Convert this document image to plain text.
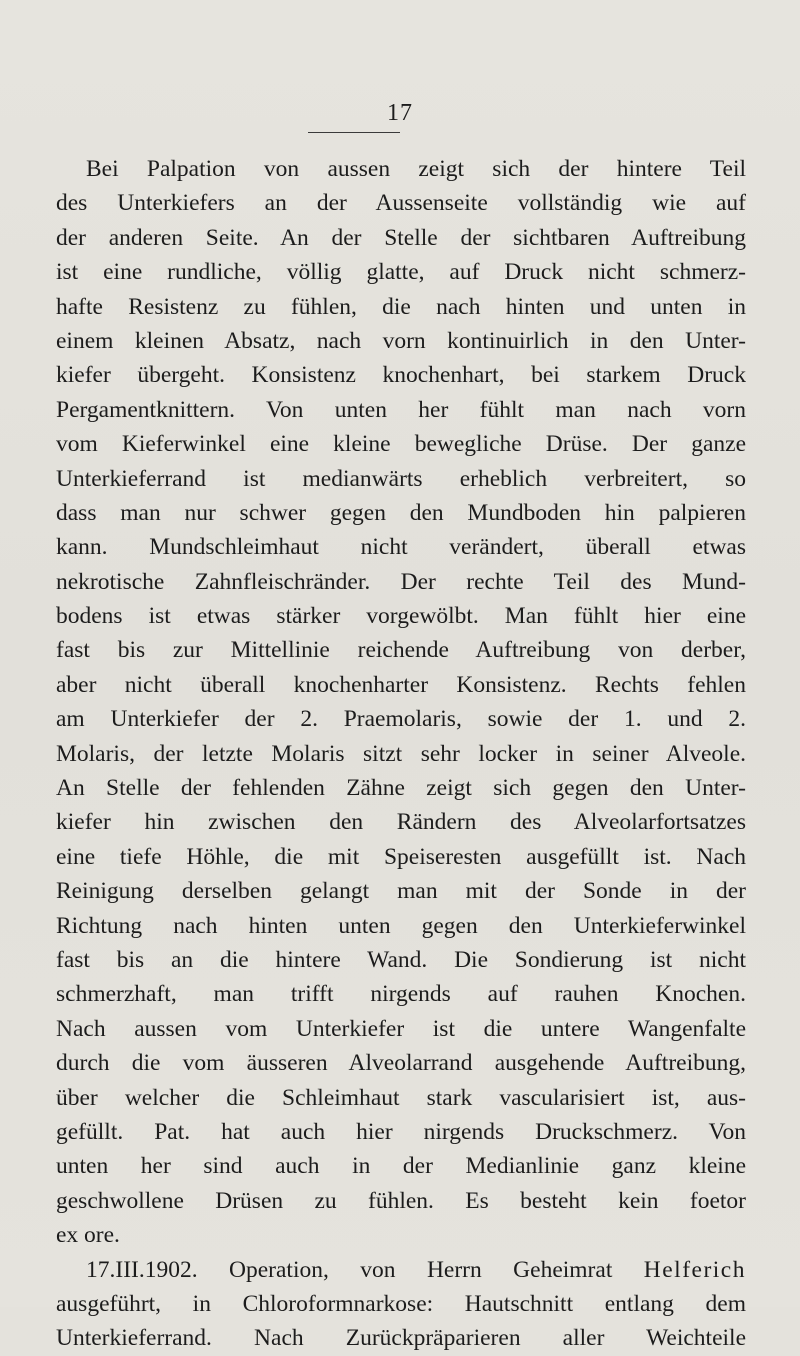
17
Bei Palpation von aussen zeigt sich der hintere Teil
des Unterkiefers an der Aussenseite vollständig wie auf
der anderen Seite. An der Stelle der sichtbaren Auftreibung
ist eine rundliche, völlig glatte, auf Druck nicht schmerz-
hafte Resistenz zu fühlen, die nach hinten und unten in
einem kleinen Absatz, nach vorn kontinuirlich in den Unter-
kiefer übergeht. Konsistenz knochenhart, bei starkem Druck
Pergamentknittern. Von unten her fühlt man nach vorn
vom Kieferwinkel eine kleine bewegliche Drüse. Der ganze
Unterkieferrand ist medianwärts erheblich verbreitert, so
dass man nur schwer gegen den Mundboden hin palpieren
kann. Mundschleimhaut nicht verändert, überall etwas
nekrotische Zahnfleischränder. Der rechte Teil des Mund-
bodens ist etwas stärker vorgewölbt. Man fühlt hier eine
fast bis zur Mittellinie reichende Auftreibung von derber,
aber nicht überall knochenharter Konsistenz. Rechts fehlen
am Unterkiefer der 2. Praemolaris, sowie der 1. und 2.
Molaris, der letzte Molaris sitzt sehr locker in seiner Alveole.
An Stelle der fehlenden Zähne zeigt sich gegen den Unter-
kiefer hin zwischen den Rändern des Alveolarfortsatzes
eine tiefe Höhle, die mit Speiseresten ausgefüllt ist. Nach
Reinigung derselben gelangt man mit der Sonde in der
Richtung nach hinten unten gegen den Unterkieferwinkel
fast bis an die hintere Wand. Die Sondierung ist nicht
schmerzhaft, man trifft nirgends auf rauhen Knochen.
Nach aussen vom Unterkiefer ist die untere Wangenfalte
durch die vom äusseren Alveolarrand ausgehende Auftreibung,
über welcher die Schleimhaut stark vascularisiert ist, aus-
gefüllt. Pat. hat auch hier nirgends Druckschmerz. Von
unten her sind auch in der Medianlinie ganz kleine
geschwollene Drüsen zu fühlen. Es besteht kein foetor
ex ore.
17.III.1902. Operation, von Herrn Geheimrat Helferich
ausgeführt, in Chloroformnarkose: Hautschnitt entlang dem
Unterkieferrand. Nach Zurückpräparieren aller Weichteile
